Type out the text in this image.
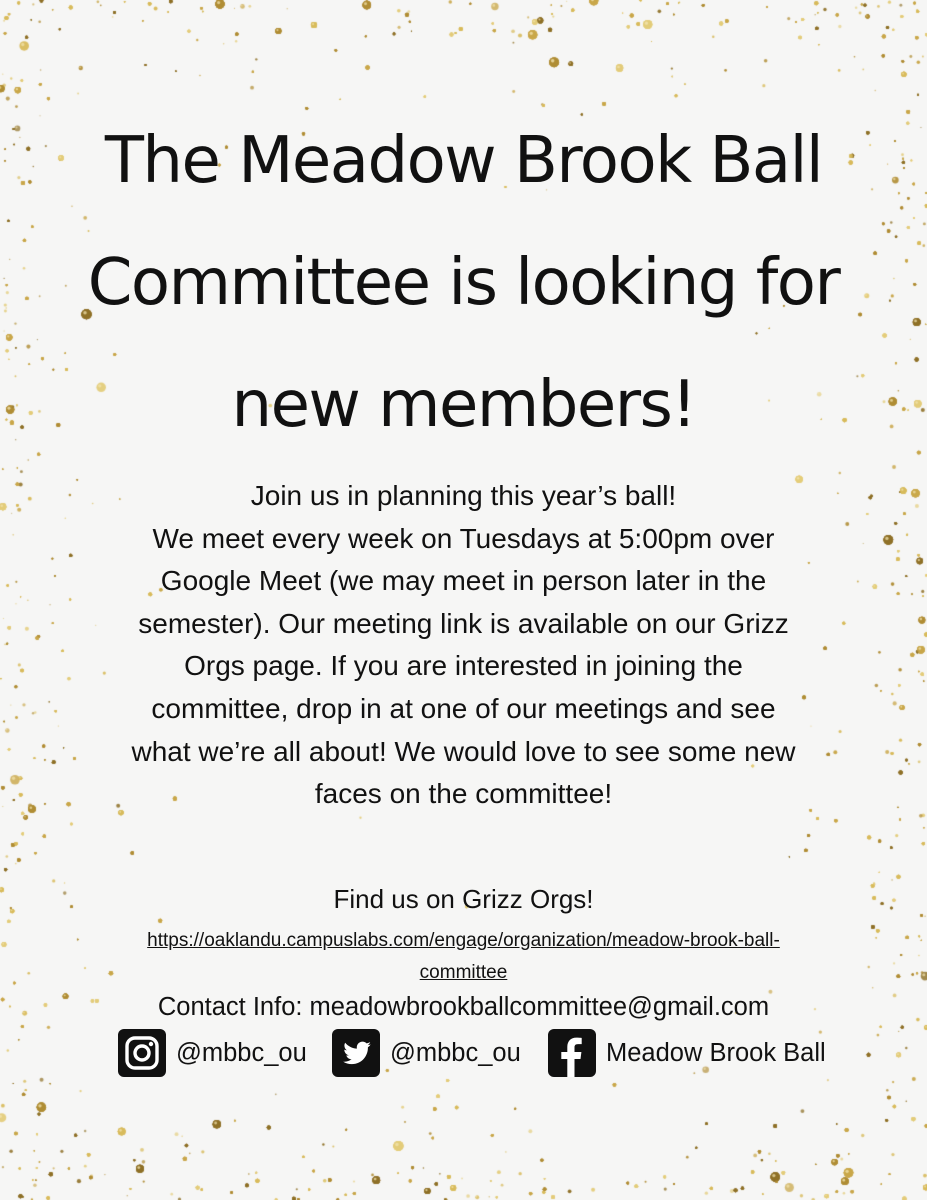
The Meadow Brook Ball
Committee is looking for
new members!
Join us in planning this year’s ball!
We meet every week on Tuesdays at 5:00pm over
Google Meet (we may meet in person later in the
semester). Our meeting link is available on our Grizz
Orgs page. If you are interested in joining the
committee, drop in at one of our meetings and see
what we’re all about! We would love to see some new
faces on the committee!
Find us on Grizz Orgs!
https://oaklandu.campuslabs.com/engage/organization/meadow-brook-ball-
committee
Contact Info: meadowbrookballcommittee@gmail.com
@mbbc_ou	@mbbc_ou	Meadow Brook Ball
